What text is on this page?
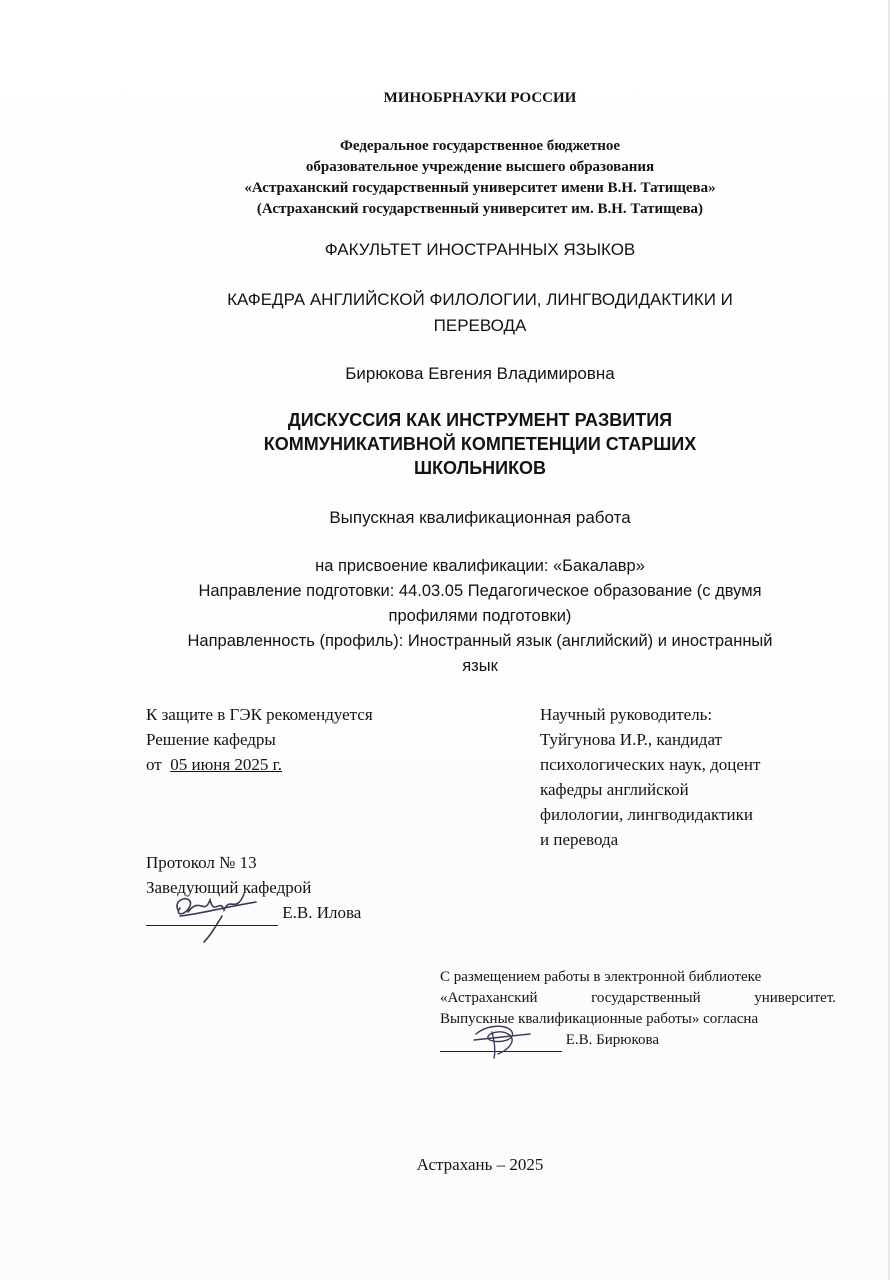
МИНОБРНАУКИ РОССИИ
Федеральное государственное бюджетное
образовательное учреждение высшего образования
«Астраханский государственный университет имени В.Н. Татищева»
(Астраханский государственный университет им. В.Н. Татищева)
ФАКУЛЬТЕТ ИНОСТРАННЫХ ЯЗЫКОВ
КАФЕДРА АНГЛИЙСКОЙ ФИЛОЛОГИИ, ЛИНГВОДИДАКТИКИ И
ПЕРЕВОДА
Бирюкова Евгения Владимировна
ДИСКУССИЯ КАК ИНСТРУМЕНТ РАЗВИТИЯ
КОММУНИКАТИВНОЙ КОМПЕТЕНЦИИ СТАРШИХ
ШКОЛЬНИКОВ
Выпускная квалификационная работа
на присвоение квалификации: «Бакалавр»
Направление подготовки: 44.03.05 Педагогическое образование (с двумя
профилями подготовки)
Направленность (профиль): Иностранный язык (английский) и иностранный
язык
К защите в ГЭК рекомендуется
Решение кафедры
от 05 июня 2025 г.
Научный руководитель:
Туйгунова И.Р., кандидат
психологических наук, доцент
кафедры английской
филологии, лингводидактики
и перевода
Протокол № 13
Заведующий кафедрой
Е.В. Илова
С размещением работы в электронной библиотеке
«Астраханский государственный университет.
Выпускные квалификационные работы» согласна
Е.В. Бирюкова
Астрахань – 2025
